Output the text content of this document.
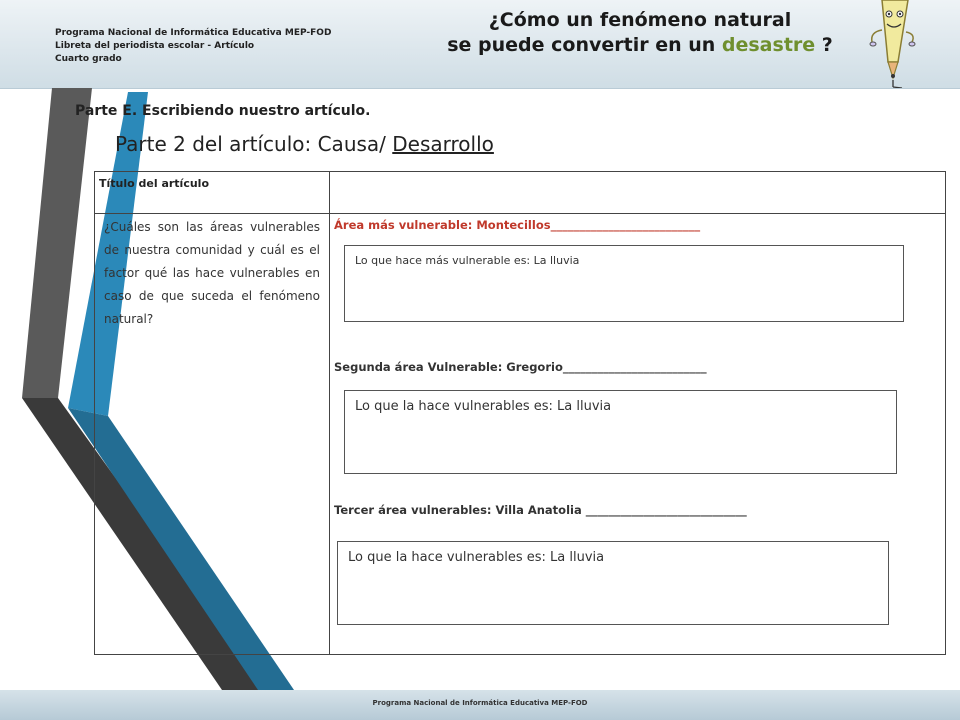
Programa Nacional de Informática Educativa MEP-FOD
Libreta del periodista escolar - Artículo
Cuarto grado
¿Cómo un fenómeno natural
se puede convertir en un desastre ?
Parte E. Escribiendo nuestro artículo.
Parte 2 del artículo: Causa/ Desarrollo
Título del artículo
¿Cuáles son las áreas vulnerables de nuestra comunidad y cuál es el factor qué las hace vulnerables en caso de que suceda el fenómeno natural?
Área más vulnerable: Montecillos__________________________
Lo que hace más vulnerable es: La lluvia
Segunda área Vulnerable: Gregorio_________________________
Lo que la hace vulnerables es: La lluvia
Tercer área vulnerables: Villa Anatolia ____________________________
Lo que la hace vulnerables es: La lluvia
Programa Nacional de Informática Educativa MEP-FOD
